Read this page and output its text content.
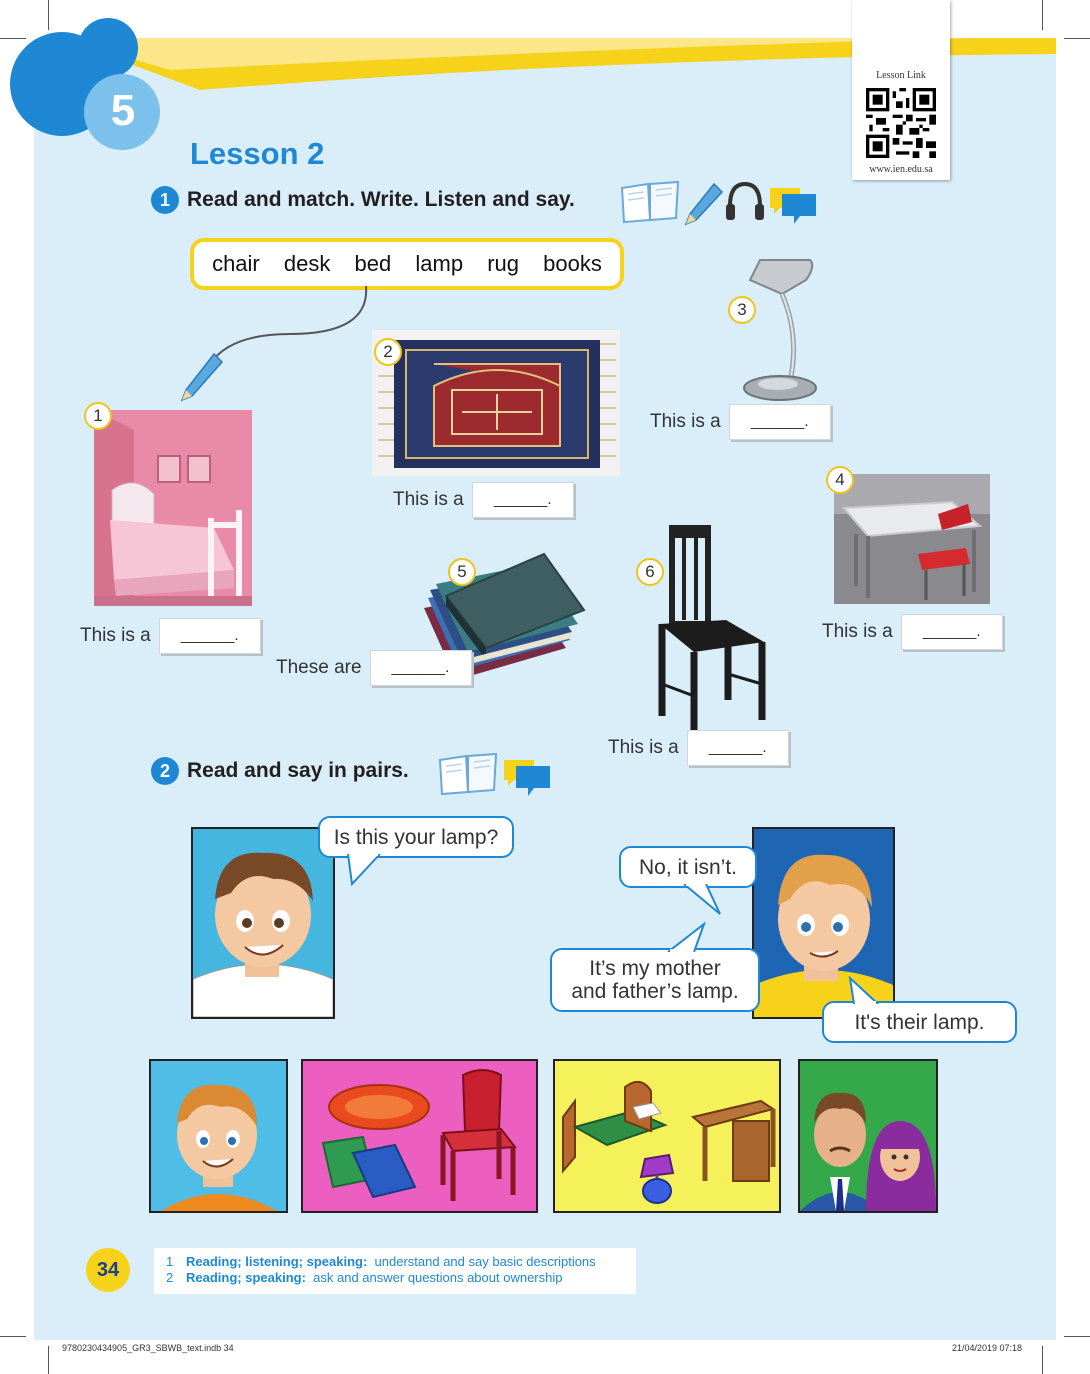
5
Lesson Link
www.ien.edu.sa
Lesson 2
1 Read and match. Write. Listen and say.
chair desk bed lamp rug books
1
This is a	______.
2
This is a	______.
3
This is a	______.
4
This is a	______.
5
These are	______.
6
This is a	______.
2 Read and say in pairs.
Is this your lamp?
No, it isn’t.
It’s my mother
and father’s lamp.
It's their lamp.
34	1 Reading; listening; speaking: understand and say basic descriptions
2 Reading; speaking: ask and answer questions about ownership
9780230434905_GR3_SBWB_text.indb 34	21/04/2019 07:18
